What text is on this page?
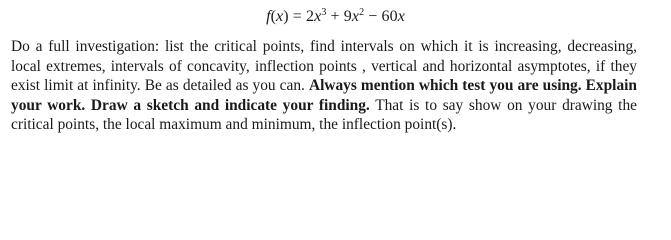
$f(x) = 2x^3 + 9x^2 - 60x$

Do a full investigation: list the critical points, find intervals on which it is increasing, decreasing, local extremes, intervals of concavity, inflection points , vertical and horizontal asymptotes, if they exist limit at infinity. Be as detailed as you can. Always mention which test you are using. Explain your work. Draw a sketch and indicate your finding. That is to say show on your drawing the critical points, the local maximum and minimum, the inflection point(s).
